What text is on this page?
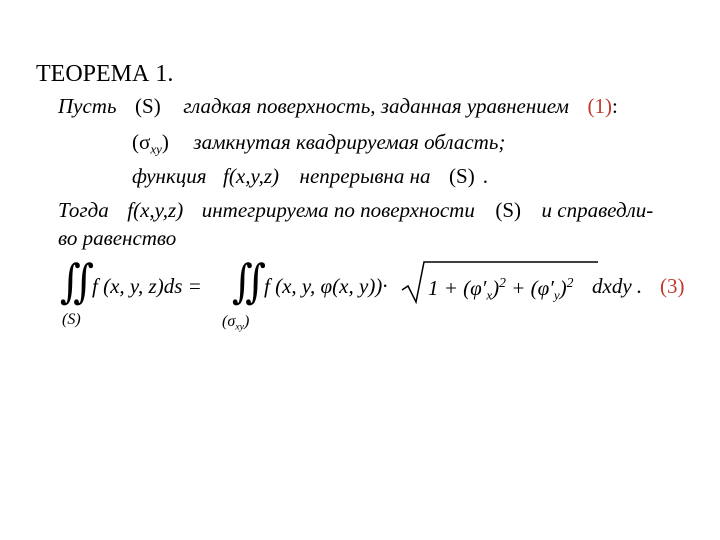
ТЕОРЕМА 1.
Пусть (S) гладкая поверхность, заданная уравнением (1):
$(\sigma_{xy})$ замкнутая квадрируемая область;
функция f(x,y,z) непрерывна на (S) .
Тогда f(x,y,z) интегрируема по поверхности (S) и справедли-
во равенство
∬ f (x, y, z)ds =
(S)
∬ f (x, y, φ(x, y))·
$(\sigma_{xy})$
$1 + (\varphi'_x)^2 + (\varphi'_y)^2$ dxdy . (3)
